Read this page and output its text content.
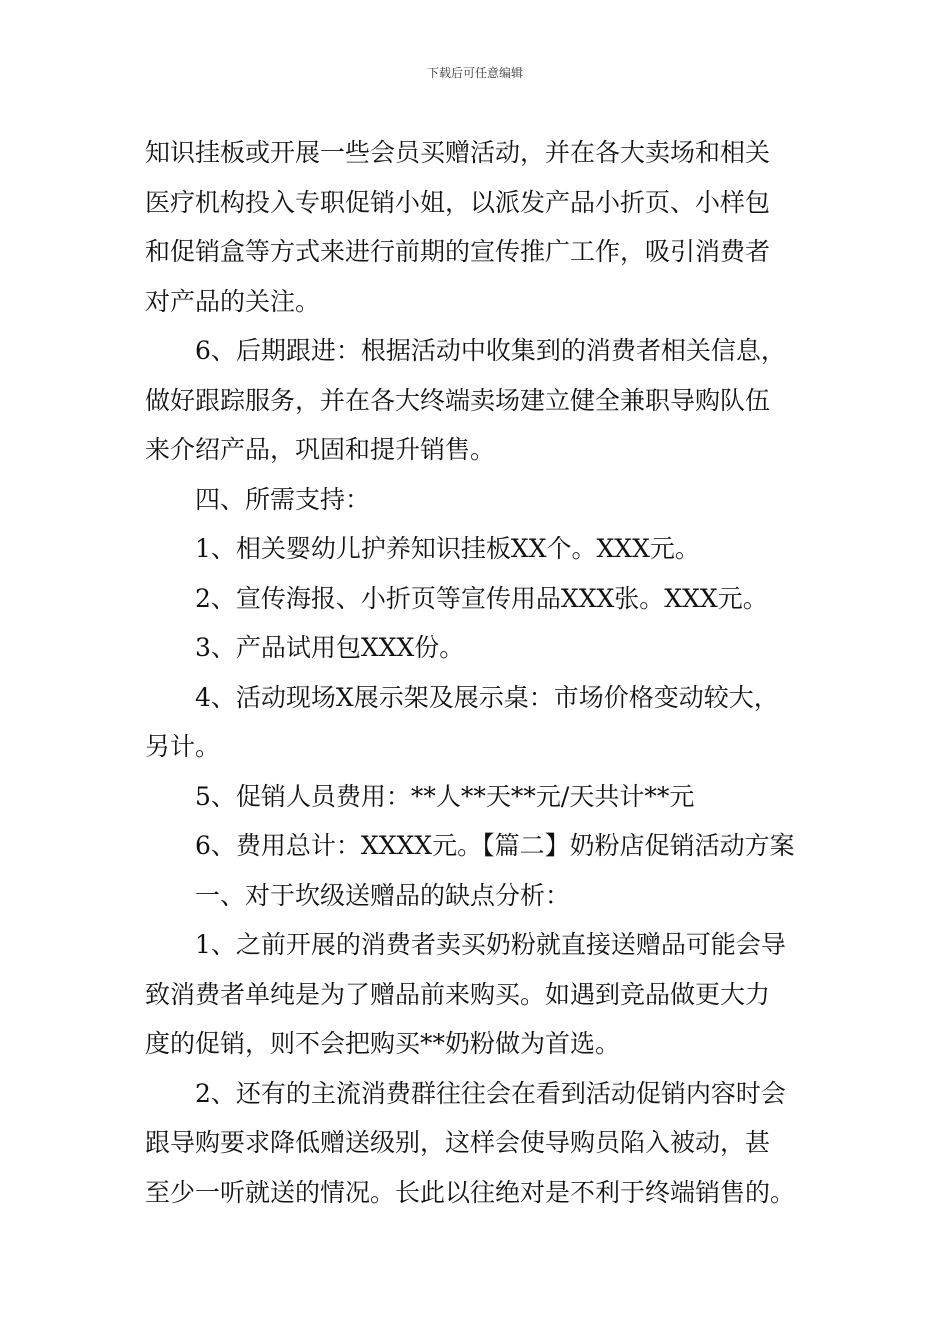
下载后可任意编辑

知识挂板或开展一些会员买赠活动，并在各大卖场和相关

医疗机构投入专职促销小姐，以派发产品小折页、小样包

和促销盒等方式来进行前期的宣传推广工作，吸引消费者

对产品的关注。

6、后期跟进：根据活动中收集到的消费者相关信息，

做好跟踪服务，并在各大终端卖场建立健全兼职导购队伍

来介绍产品，巩固和提升销售。

四、所需支持：

1、相关婴幼儿护养知识挂板XX个。XXX元。

2、宣传海报、小折页等宣传用品XXX张。XXX元。

3、产品试用包XXX份。

4、活动现场X展示架及展示桌：市场价格变动较大，

另计。

5、促销人员费用：**人**天**元/天共计**元

6、费用总计：XXXX元。【篇二】奶粉店促销活动方案

一、对于坎级送赠品的缺点分析：

1、之前开展的消费者卖买奶粉就直接送赠品可能会导

致消费者单纯是为了赠品前来购买。如遇到竞品做更大力

度的促销，则不会把购买**奶粉做为首选。

2、还有的主流消费群往往会在看到活动促销内容时会

跟导购要求降低赠送级别，这样会使导购员陷入被动，甚

至少一听就送的情况。长此以往绝对是不利于终端销售的。
